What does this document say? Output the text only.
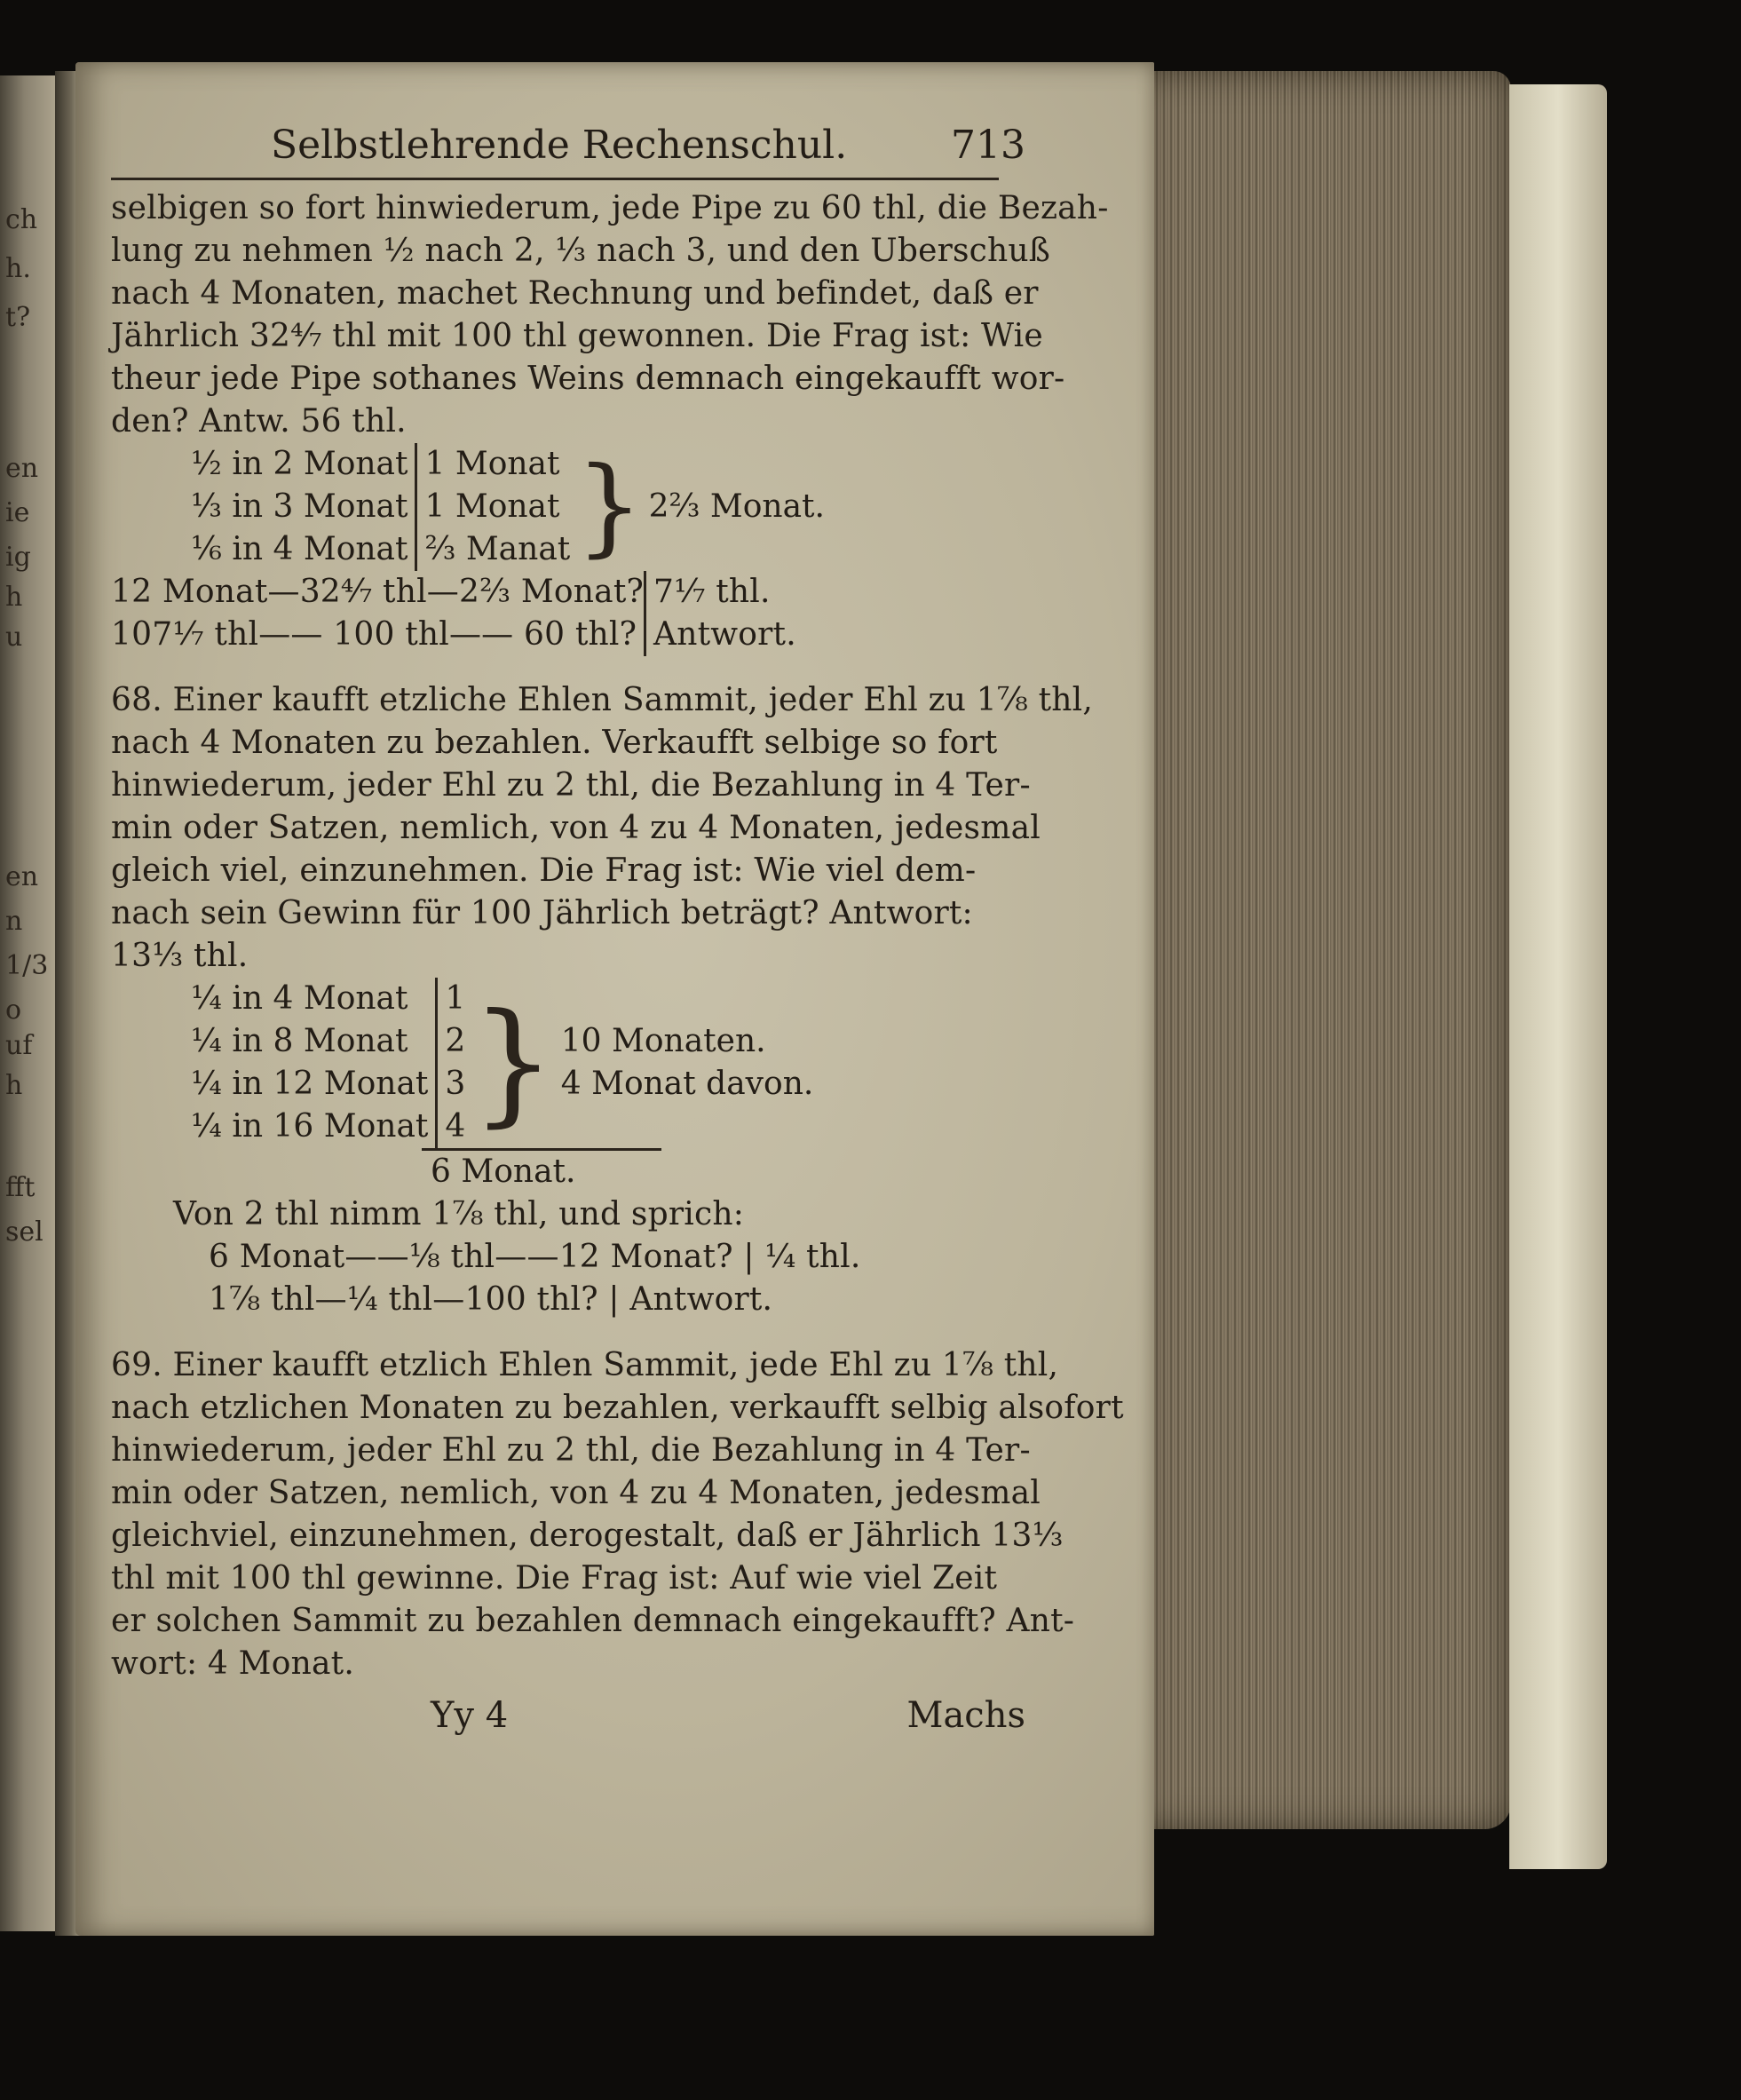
ch
h.
t?
en
ie
ig
h
u
en
n
1/3
o
uf
h
fft
sel
Selbstlehrende Rechenschul.	713
selbigen so fort hinwiederum, jede Pipe zu 60 thl, die Bezah-
lung zu nehmen ½ nach 2, ⅓ nach 3, und den Uberschuß
nach 4 Monaten, machet Rechnung und befindet, daß er
Jährlich 32⁴⁄₇ thl mit 100 thl gewonnen. Die Frag ist: Wie
theur jede Pipe sothanes Weins demnach eingekaufft wor-
den? Antw. 56 thl.
½ in 2 Monat 1 Monat
⅓ in 3 Monat 1 Monat
⅙ in 4 Monat ⅔ Manat } 2⅔ Monat.
12 Monat—32⁴⁄₇ thl—2⅔ Monat? 7¹⁄₇ thl.
107¹⁄₇ thl—— 100 thl—— 60 thl? Antwort.
68. Einer kaufft etzliche Ehlen Sammit, jeder Ehl zu 1⅞ thl,
nach 4 Monaten zu bezahlen. Verkaufft selbige so fort
hinwiederum, jeder Ehl zu 2 thl, die Bezahlung in 4 Ter-
min oder Satzen, nemlich, von 4 zu 4 Monaten, jedesmal
gleich viel, einzunehmen. Die Frag ist: Wie viel dem-
nach sein Gewinn für 100 Jährlich beträgt? Antwort:
13⅓ thl.
¼ in 4 Monat	1
¼ in 8 Monat	2
¼ in 12 Monat 3
¼ in 16 Monat 4 } 10 Monaten.
4 Monat davon.
6 Monat.
Von 2 thl nimm 1⅞ thl, und sprich:
6 Monat——⅛ thl——12 Monat? | ¼ thl.
1⅞ thl—¼ thl—100 thl? | Antwort.
69. Einer kaufft etzlich Ehlen Sammit, jede Ehl zu 1⅞ thl,
nach etzlichen Monaten zu bezahlen, verkaufft selbig alsofort
hinwiederum, jeder Ehl zu 2 thl, die Bezahlung in 4 Ter-
min oder Satzen, nemlich, von 4 zu 4 Monaten, jedesmal
gleichviel, einzunehmen, derogestalt, daß er Jährlich 13⅓
thl mit 100 thl gewinne. Die Frag ist: Auf wie viel Zeit
er solchen Sammit zu bezahlen demnach eingekaufft? Ant-
wort: 4 Monat.
Yy 4	Machs
